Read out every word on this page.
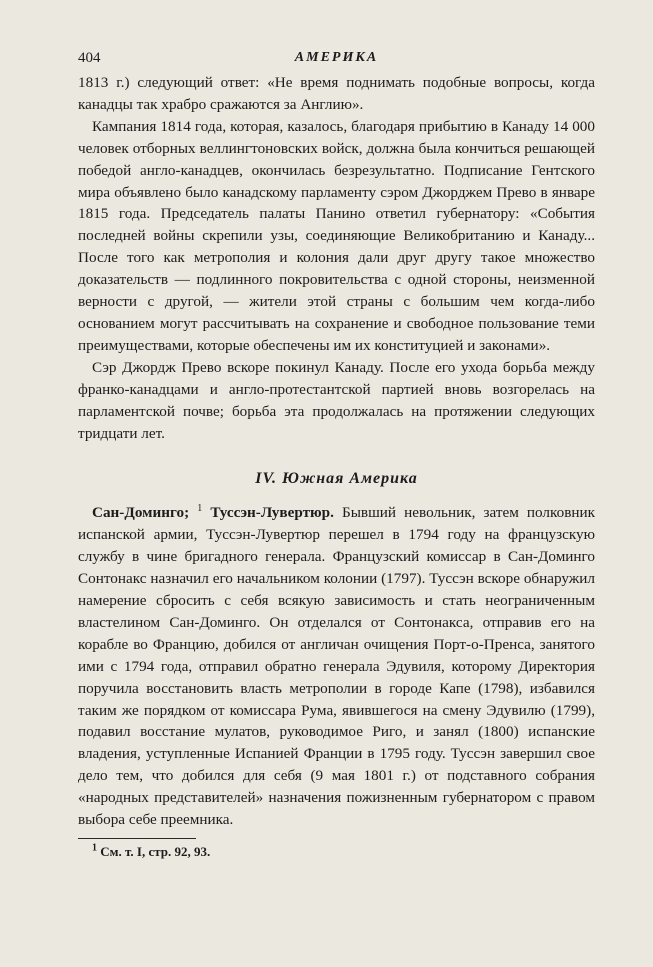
404	АМЕРИКА

1813 г.) следующий ответ: «Не время поднимать подобные вопросы, когда канадцы так храбро сражаются за Англию».

Кампания 1814 года, которая, казалось, благодаря прибытию в Канаду 14 000 человек отборных веллингтоновских войск, должна была кончиться решающей победой англо-канадцев, окончилась безрезультатно. Подписание Гентского мира объявлено было канадскому парламенту сэром Джорджем Прево в январе 1815 года. Председатель палаты Панино ответил губернатору: «События последней войны скрепили узы, соединяющие Великобританию и Канаду... После того как метрополия и колония дали друг другу такое множество доказательств — подлинного покровительства с одной стороны, неизменной верности с другой, — жители этой страны с большим чем когда-либо основанием могут рассчитывать на сохранение и свободное пользование теми преимуществами, которые обеспечены им их конституцией и законами».

Сэр Джордж Прево вскоре покинул Канаду. После его ухода борьба между франко-канадцами и англо-протестантской партией вновь возгорелась на парламентской почве; борьба эта продолжалась на протяжении следующих тридцати лет.

IV. Южная Америка

Сан-Доминго; $^1$ Туссэн-Лувертюр. Бывший невольник, затем полковник испанской армии, Туссэн-Лувертюр перешел в 1794 году на французскую службу в чине бригадного генерала. Французский комиссар в Сан-Доминго Сонтонакс назначил его начальником колонии (1797). Туссэн вскоре обнаружил намерение сбросить с себя всякую зависимость и стать неограниченным властелином Сан-Доминго. Он отделался от Сонтонакса, отправив его на корабле во Францию, добился от англичан очищения Порт-о-Пренса, занятого ими с 1794 года, отправил обратно генерала Эдувиля, которому Директория поручила восстановить власть метрополии в городе Капе (1798), избавился таким же порядком от комиссара Рума, явившегося на смену Эдувилю (1799), подавил восстание мулатов, руководимое Риго, и занял (1800) испанские владения, уступленные Испанией Франции в 1795 году. Туссэн завершил свое дело тем, что добился для себя (9 мая 1801 г.) от подставного собрания «народных представителей» назначения пожизненным губернатором с правом выбора себе преемника.

$^1$ См. т. I, стр. 92, 93.
